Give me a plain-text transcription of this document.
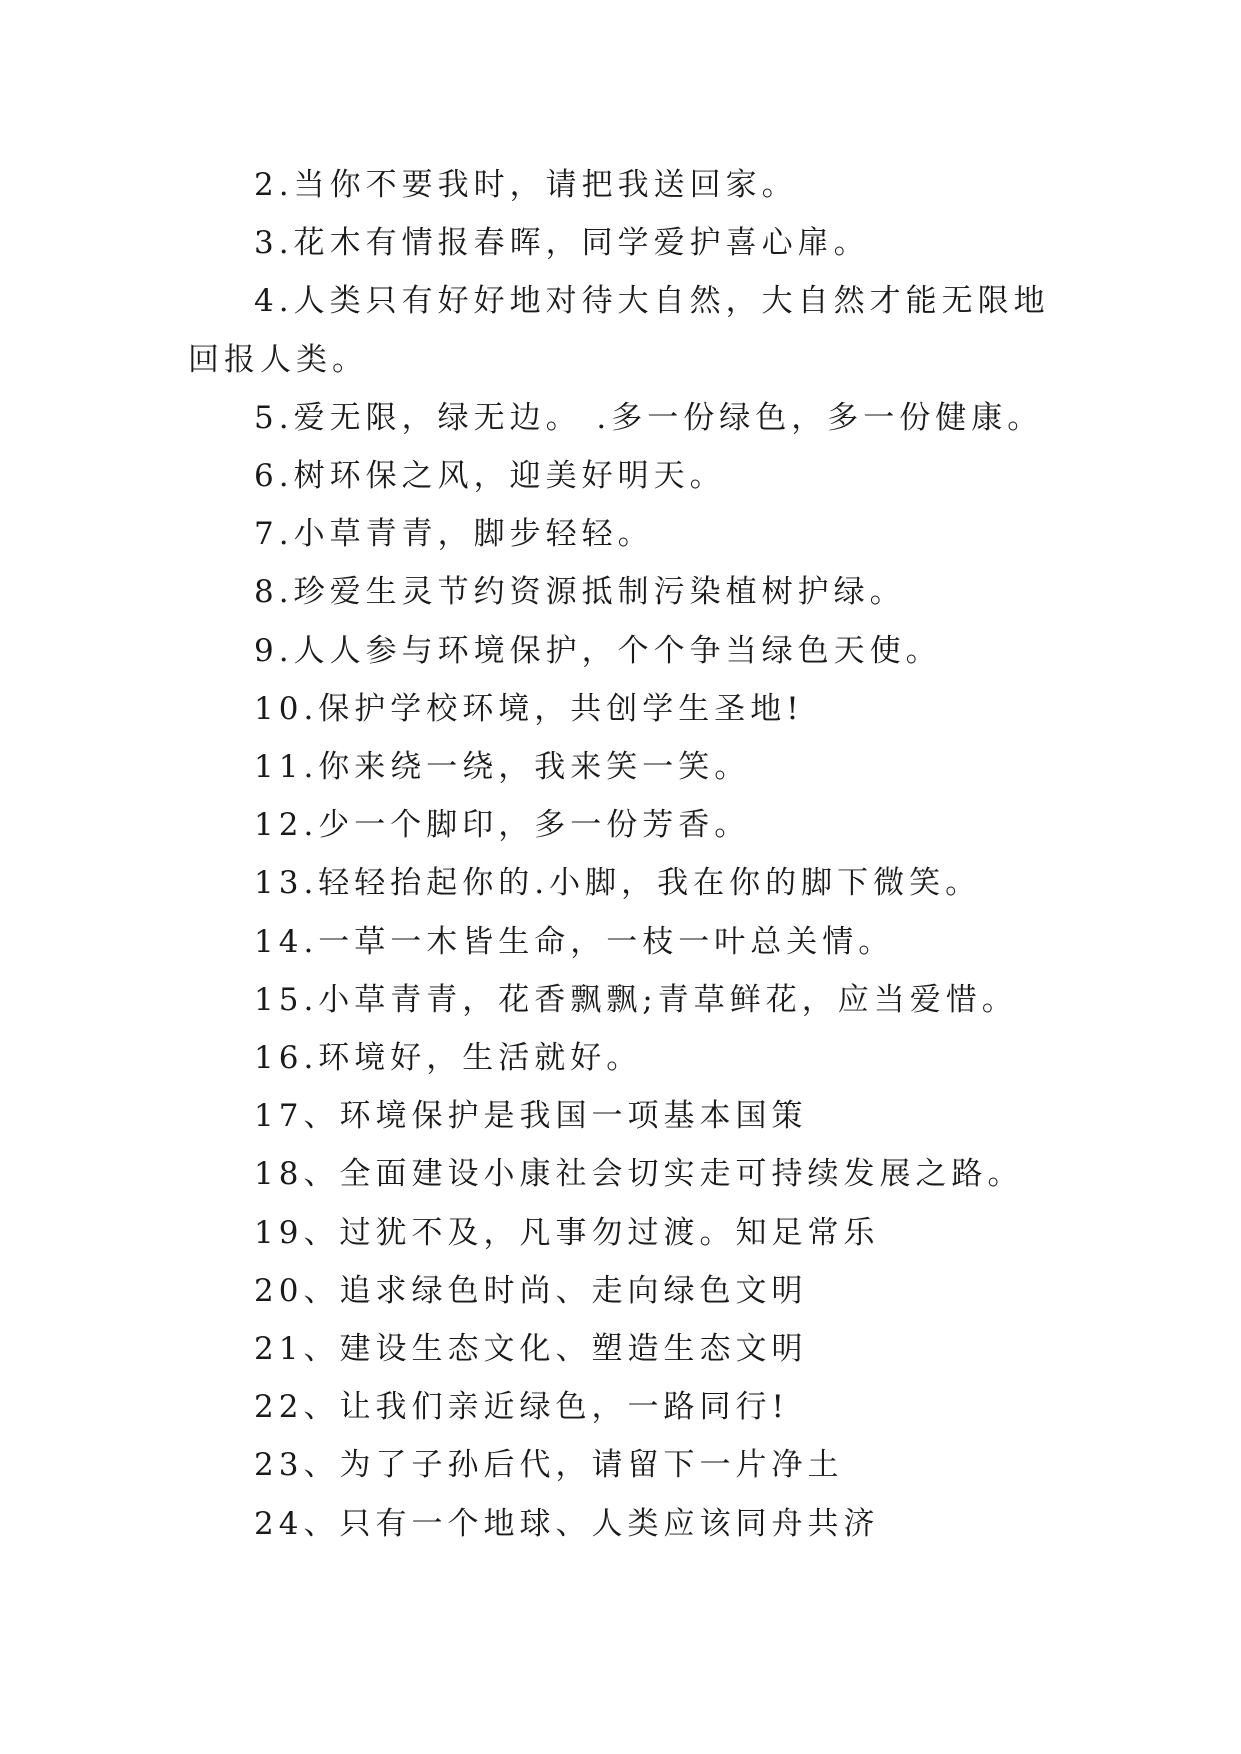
2.当你不要我时，请把我送回家。

3.花木有情报春晖，同学爱护喜心扉。

4.人类只有好好地对待大自然，大自然才能无限地回报人类。

5.爱无限，绿无边。 .多一份绿色，多一份健康。

6.树环保之风，迎美好明天。

7.小草青青，脚步轻轻。

8.珍爱生灵节约资源抵制污染植树护绿。

9.人人参与环境保护，个个争当绿色天使。

10.保护学校环境，共创学生圣地!

11.你来绕一绕，我来笑一笑。

12.少一个脚印，多一份芳香。

13.轻轻抬起你的.小脚，我在你的脚下微笑。

14.一草一木皆生命，一枝一叶总关情。

15.小草青青，花香飘飘;青草鲜花，应当爱惜。

16.环境好，生活就好。

17、环境保护是我国一项基本国策

18、全面建设小康社会切实走可持续发展之路。

19、过犹不及，凡事勿过渡。知足常乐

20、追求绿色时尚、走向绿色文明

21、建设生态文化、塑造生态文明

22、让我们亲近绿色，一路同行!

23、为了子孙后代，请留下一片净土

24、只有一个地球、人类应该同舟共济
